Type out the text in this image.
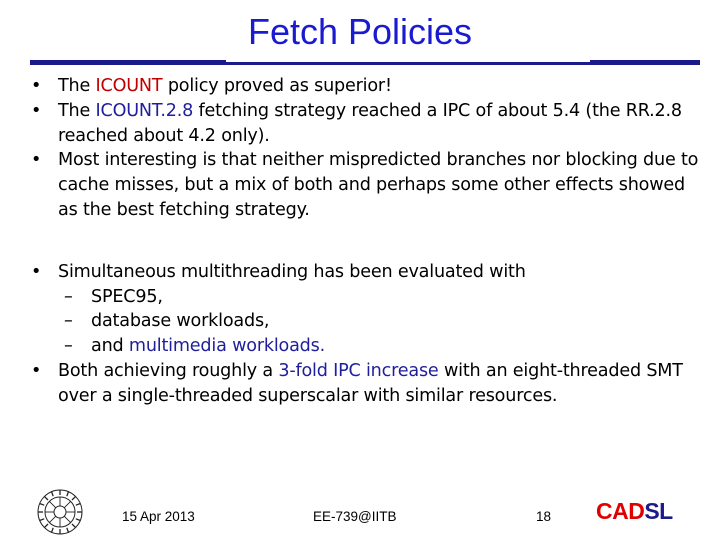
Fetch Policies
• The ICOUNT policy proved as superior!
• The ICOUNT.2.8 fetching strategy reached a IPC of about 5.4 (the RR.2.8 reached about 4.2 only).
• Most interesting is that neither mispredicted branches nor blocking due to cache misses, but a mix of both and perhaps some other effects showed as the best fetching strategy.
• Simultaneous multithreading has been evaluated with
– SPEC95,
– database workloads,
– and multimedia workloads.
• Both achieving roughly a 3-fold IPC increase with an eight-threaded SMT over a single-threaded superscalar with similar resources.
15 Apr 2013	EE-739@IITB	18 CADSL
